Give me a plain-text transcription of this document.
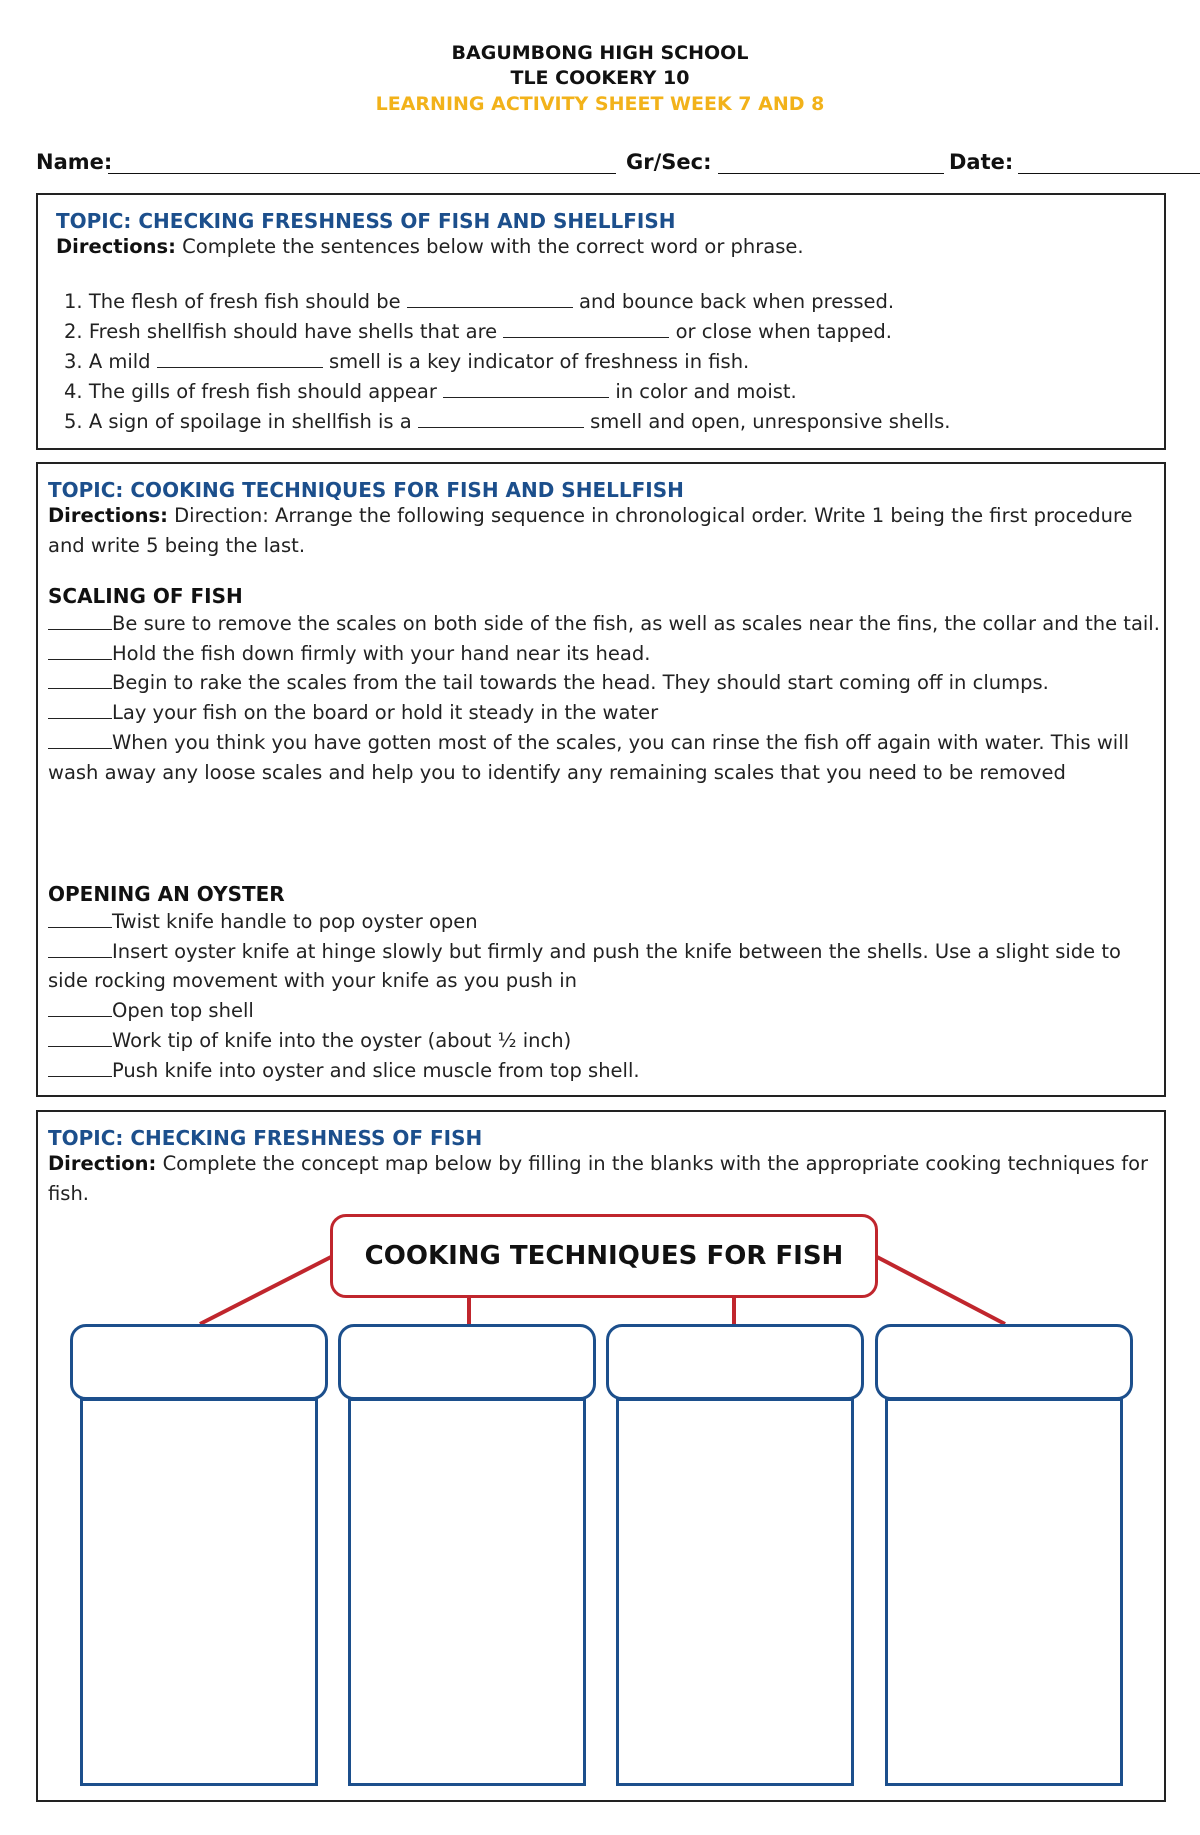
BAGUMBONG HIGH SCHOOL
TLE COOKERY 10
LEARNING ACTIVITY SHEET WEEK 7 AND 8
Name:	Gr/Sec:	Date:
TOPIC: CHECKING FRESHNESS OF FISH AND SHELLFISH
Directions: Complete the sentences below with the correct word or phrase.
1. The flesh of fresh fish should be	and bounce back when pressed.
2. Fresh shellfish should have shells that are	or close when tapped.
3. A mild	smell is a key indicator of freshness in fish.
4. The gills of fresh fish should appear	in color and moist.
5. A sign of spoilage in shellfish is a	smell and open, unresponsive shells.
TOPIC: COOKING TECHNIQUES FOR FISH AND SHELLFISH
Directions: Direction: Arrange the following sequence in chronological order. Write 1 being the first procedure and write 5 being the last.
SCALING OF FISH

Be sure to remove the scales on both side of the fish, as well as scales near the fins, the collar and the tail.

Hold the fish down firmly with your hand near its head.

Begin to rake the scales from the tail towards the head. They should start coming off in clumps.

Lay your fish on the board or hold it steady in the water

When you think you have gotten most of the scales, you can rinse the fish off again with water. This will wash away any loose scales and help you to identify any remaining scales that you need to be removed

OPENING AN OYSTER

Twist knife handle to pop oyster open

Insert oyster knife at hinge slowly but firmly and push the knife between the shells. Use a slight side to side rocking movement with your knife as you push in

Open top shell

Work tip of knife into the oyster (about ½ inch)

Push knife into oyster and slice muscle from top shell.

TOPIC: CHECKING FRESHNESS OF FISH
Direction: Complete the concept map below by filling in the blanks with the appropriate cooking techniques for fish.
COOKING TECHNIQUES FOR FISH
